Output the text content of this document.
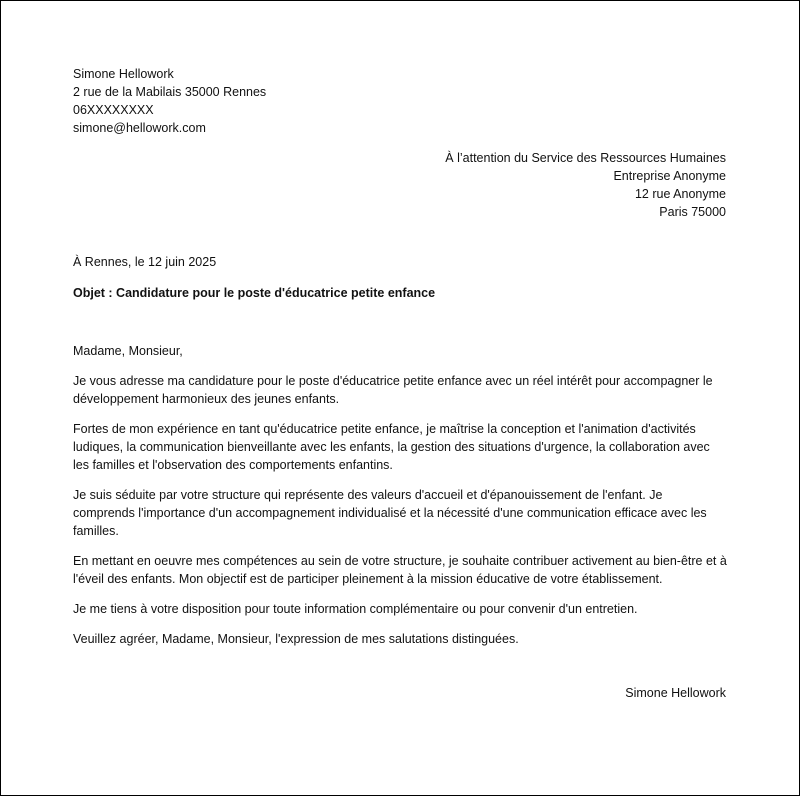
Simone Hellowork

2 rue de la Mabilais 35000 Rennes

06XXXXXXXX

simone@hellowork.com

À l’attention du Service des Ressources Humaines

Entreprise Anonyme

12 rue Anonyme

Paris 75000

À Rennes, le 12 juin 2025

Objet : Candidature pour le poste d'éducatrice petite enfance

Madame, Monsieur,

Je vous adresse ma candidature pour le poste d'éducatrice petite enfance avec un réel intérêt pour accompagner le développement harmonieux des jeunes enfants.

Fortes de mon expérience en tant qu'éducatrice petite enfance, je maîtrise la conception et l'animation d'activités ludiques, la communication bienveillante avec les enfants, la gestion des situations d'urgence, la collaboration avec les familles et l'observation des comportements enfantins.

Je suis séduite par votre structure qui représente des valeurs d'accueil et d'épanouissement de l'enfant. Je comprends l'importance d'un accompagnement individualisé et la nécessité d'une communication efficace avec les familles.

En mettant en oeuvre mes compétences au sein de votre structure, je souhaite contribuer activement au bien-être et à l'éveil des enfants. Mon objectif est de participer pleinement à la mission éducative de votre établissement.

Je me tiens à votre disposition pour toute information complémentaire ou pour convenir d'un entretien.

Veuillez agréer, Madame, Monsieur, l'expression de mes salutations distinguées.

Simone Hellowork
